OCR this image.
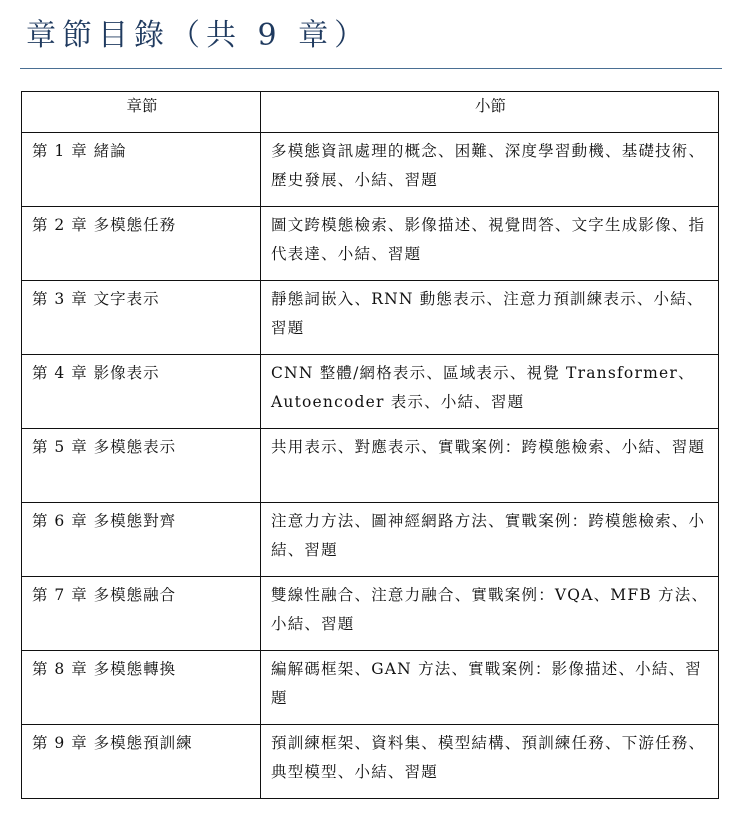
章節目錄（共 9 章）
章節	小節
第 1 章 緒論	多模態資訊處理的概念、困難、深度學習動機、基礎技術、歷史發展、小結、習題
第 2 章 多模態任務	圖文跨模態檢索、影像描述、視覺問答、文字生成影像、指代表達、小結、習題
第 3 章 文字表示	靜態詞嵌入、RNN 動態表示、注意力預訓練表示、小結、習題
第 4 章 影像表示	CNN 整體/網格表示、區域表示、視覺 Transformer、Autoencoder 表示、小結、習題
第 5 章 多模態表示	共用表示、對應表示、實戰案例：跨模態檢索、小結、習題
第 6 章 多模態對齊	注意力方法、圖神經網路方法、實戰案例：跨模態檢索、小結、習題
第 7 章 多模態融合	雙線性融合、注意力融合、實戰案例：VQA、MFB 方法、小結、習題
第 8 章 多模態轉換	編解碼框架、GAN 方法、實戰案例：影像描述、小結、習題
第 9 章 多模態預訓練	預訓練框架、資料集、模型結構、預訓練任務、下游任務、典型模型、小結、習題
